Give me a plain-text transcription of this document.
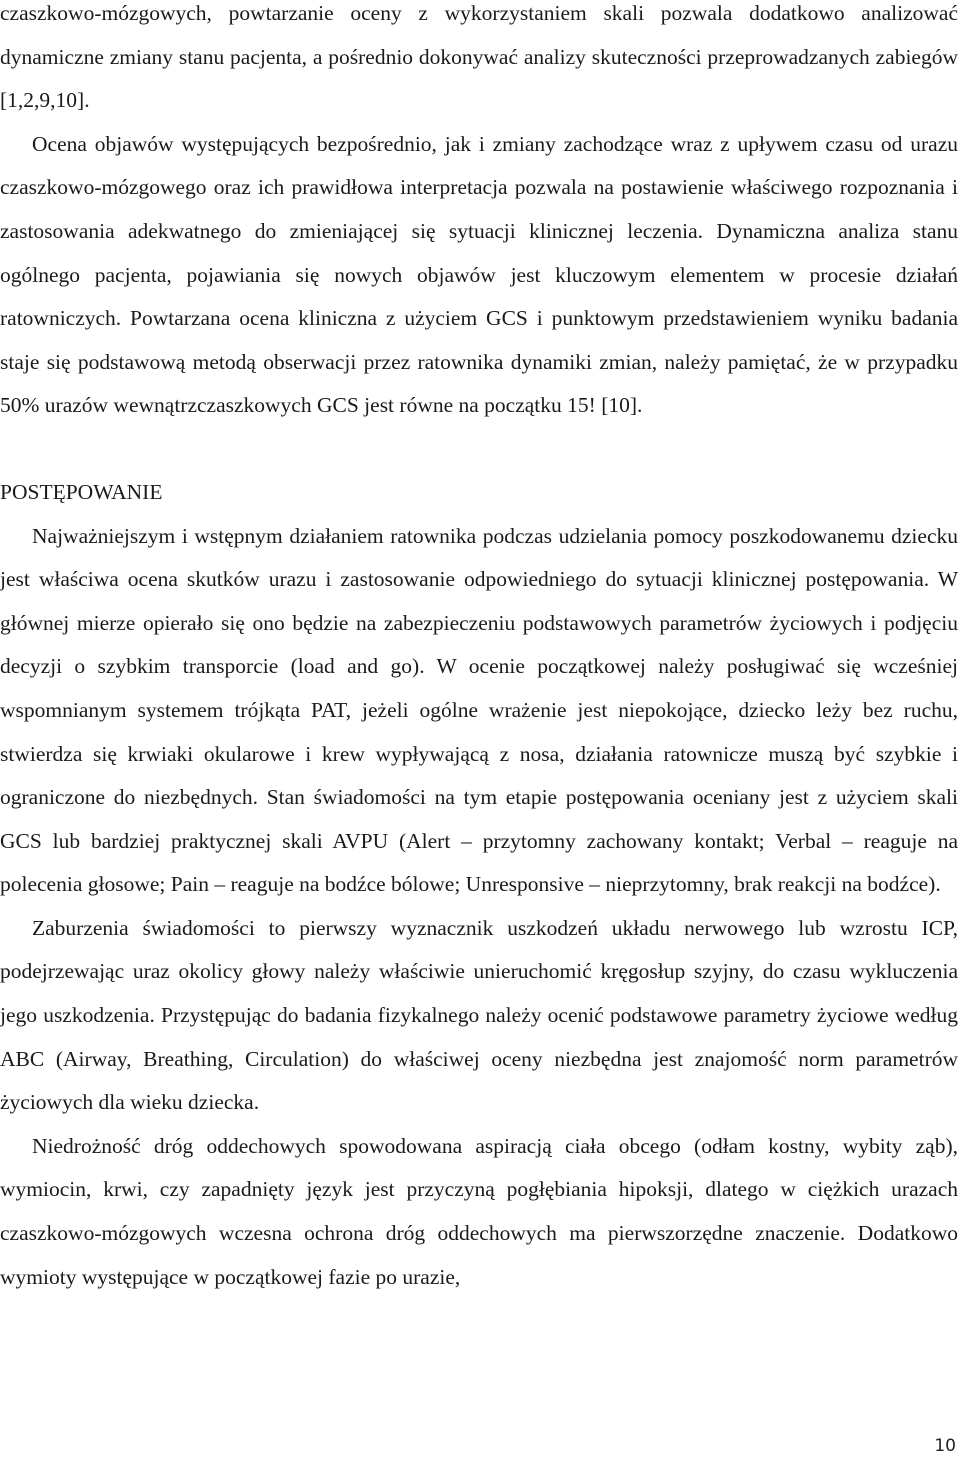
czaszkowo-mózgowych, powtarzanie oceny z wykorzystaniem skali pozwala dodatkowo analizować dynamiczne zmiany stanu pacjenta, a pośrednio dokonywać analizy skuteczności przeprowadzanych zabiegów [1,2,9,10].

Ocena objawów występujących bezpośrednio, jak i zmiany zachodzące wraz z upływem czasu od urazu czaszkowo-mózgowego oraz ich prawidłowa interpretacja pozwala na postawienie właściwego rozpoznania i zastosowania adekwatnego do zmieniającej się sytuacji klinicznej leczenia. Dynamiczna analiza stanu ogólnego pacjenta, pojawiania się nowych objawów jest kluczowym elementem w procesie działań ratowniczych. Powtarzana ocena kliniczna z użyciem GCS i punktowym przedstawieniem wyniku badania staje się podstawową metodą obserwacji przez ratownika dynamiki zmian, należy pamiętać, że w przypadku 50% urazów wewnątrzczaszkowych GCS jest równe na początku 15! [10].

POSTĘPOWANIE

Najważniejszym i wstępnym działaniem ratownika podczas udzielania pomocy poszkodowanemu dziecku jest właściwa ocena skutków urazu i zastosowanie odpowiedniego do sytuacji klinicznej postępowania. W głównej mierze opierało się ono będzie na zabezpieczeniu podstawowych parametrów życiowych i podjęciu decyzji o szybkim transporcie (load and go). W ocenie początkowej należy posługiwać się wcześniej wspomnianym systemem trójkąta PAT, jeżeli ogólne wrażenie jest niepokojące, dziecko leży bez ruchu, stwierdza się krwiaki okularowe i krew wypływającą z nosa, działania ratownicze muszą być szybkie i ograniczone do niezbędnych. Stan świadomości na tym etapie postępowania oceniany jest z użyciem skali GCS lub bardziej praktycznej skali AVPU (Alert – przytomny zachowany kontakt; Verbal – reaguje na polecenia głosowe; Pain – reaguje na bodźce bólowe; Unresponsive – nieprzytomny, brak reakcji na bodźce).

Zaburzenia świadomości to pierwszy wyznacznik uszkodzeń układu nerwowego lub wzrostu ICP, podejrzewając uraz okolicy głowy należy właściwie unieruchomić kręgosłup szyjny, do czasu wykluczenia jego uszkodzenia. Przystępując do badania fizykalnego należy ocenić podstawowe parametry życiowe według ABC (Airway, Breathing, Circulation) do właściwej oceny niezbędna jest znajomość norm parametrów życiowych dla wieku dziecka.

Niedrożność dróg oddechowych spowodowana aspiracją ciała obcego (odłam kostny, wybity ząb), wymiocin, krwi, czy zapadnięty język jest przyczyną pogłębiania hipoksji, dlatego w ciężkich urazach czaszkowo-mózgowych wczesna ochrona dróg oddechowych ma pierwszorzędne znaczenie. Dodatkowo wymioty występujące w początkowej fazie po urazie,

10
